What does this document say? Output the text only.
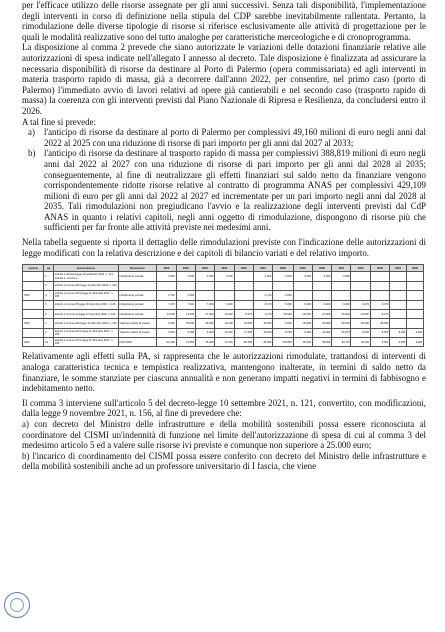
per l'efficace utilizzo delle risorse assegnate per gli anni successivi. Senza tali disponibilità, l'implementazione degli interventi in corso di definizione nella stipula del CDP sarebbe inevitabilmente rallentata. Pertanto, la rimodulazione delle diverse tipologie di risorse si riferisce esclusivamente alle attività di progettazione per le quali le modalità realizzative sono del tutto analoghe per caratteristiche merceologiche e di cronoprogramma.

La disposizione al comma 2 prevede che siano autorizzate le variazioni delle dotazioni finanziarie relative alle autorizzazioni di spesa indicate nell'allegato I annesso al decreto. Tale disposizione è finalizzata ad assicurare la necessaria disponibilità di risorse da destinare al Porto di Palermo (opera commissariata) ed agli interventi in materia trasporto rapido di massa, già a decorrere dall'anno 2022, per consentire, nel primo caso (porto di Palermo) l'immediato avvio di lavori relativi ad opere già cantierabili e nel secondo caso (trasporto rapido di massa) la coerenza con gli interventi previsti dal Piano Nazionale di Ripresa e Resilienza, da concludersi entro il 2026.

A tal fine si prevede:

a) l'anticipo di risorse da destinare al porto di Palermo per complessivi 49,160 milioni di euro negli anni dal 2022 al 2025 con una riduzione di risorse di pari importo per gli anni dal 2027 al 2033;
b) l'anticipo di risorse da destinare al trasporto rapido di massa per complessivi 388,819 milioni di euro negli anni dal 2022 al 2027 con una riduzione di risorse di pari importo per gli anni dal 2028 al 2035; conseguentemente, al fine di neutralizzare gli effetti finanziari sul saldo netto da finanziare vengono corrispondentemente ridotte risorse relative al contratto di programma ANAS per complessivi 429,109 milioni di euro per gli anni dal 2022 al 2027 ed incrementate per un pari importo negli anni dal 2028 al 2035. Tali rimodulazioni non pregiudicano l'avvio e la realizzazione degli interventi previsti dal CdP ANAS in quanto i relativi capitoli, negli anni oggetto di rimodulazione, dispongono di risorse più che sufficienti per far fronte alle attività previste nei medesimi anni.

Nella tabella seguente si riporta il dettaglio delle rimodulazioni previste con l'indicazione delle autorizzazioni di legge modificati con la relativa descrizione e dei capitoli di bilancio variati e del relativo importo.

capitolo	pg	Autorizzazione	Descrizione	2022	2023	2024	2025	2026	2027	2028	2029	2030	2031	2032	2033	2034	2035
	2	articolo 1 decreto-legge 10 settembre 2021, n. 121, articolo 1, comma 1	Infrastrutture portuali	2.000	2.000	2.000	2.000		-2.000	-2.000	-2.000	-2.000	-2.000				
	3	articolo 1 comma 140 legge 11 dicembre 2016, n. 232															
7905	4	articolo 1 comma 1072 legge 27 dicembre 2017, n. 205	Infrastrutture portuali	2.720	2.600				-1.720	-2.600							
	5	articolo 1 comma 95 legge 30 dicembre 2018, n. 145	Infrastrutture portuali	7.470	7.000	7.000	6.000		-5.470	-5.000	-5.000	-6.000	-6.000	-6.470	-6.470		
	6	articolo 1 comma 14 legge 27 dicembre 2019, n. 160	Infrastrutture portuali	14.000	13.000	27.000	16.000	8.270	0.270	-26.000	-26.000	-27.000	-16.000	-16.000	-6.270		
7400	2	articolo 1 comma 140 legge 11 dicembre 2016, n. 232	Trasporto rapido di massa	6.000	26.000	26.000	32.000	32.000	30.000	-6.000	-30.000	-30.000	-30.000	-30.000	-28.000		
	3	articolo 1 comma 1072 legge 27 dicembre 2017, n. 205	Trasporto rapido di massa	5.000	5.000	5.000	15.000	17.000	30.000	-5.000	-5.000	-11.000	-16.670	-5.000	-5.000	-5.000	-3.000
7002	10	articolo 1 comma 1072 legge 27 dicembre 2017, n. 205	CdP ANAS	-43.190	-73.650	-75.400	-70.100	-80.000	-46.000	175.000	80.000	95.000	80.170	35.000	5.000	3.000	3.000

Relativamente agli effetti sulla PA, si rappresenta che le autorizzazioni rimodulate, trattandosi di interventi di analoga caratteristica tecnica e tempistica realizzativa, mantengono inalterate, in termini di saldo netto da finanziare, le somme stanziate per ciascuna annualità e non generano impatti negativi in termini di fabbisogno e indebitamento netto.

Il comma 3 interviene sull'articolo 5 del decreto-legge 10 settembre 2021, n. 121, convertito, con modificazioni, dalla legge 9 novembre 2021, n. 156, al fine di prevedere che:

a) con decreto del Ministro delle infrastrutture e della mobilità sostenibili possa essere riconosciuta al coordinatore del CISMI un'indennità di funzione nel limite dell'autorizzazione di spesa di cui al comma 3 del medesimo articolo 5 ed a valere sulle risorse ivi previste e comunque non superiore a 25.000 euro;

b) l'incarico di coordinamento del CISMI possa essere conferito con decreto del Ministro delle infrastrutture e della mobilità sostenibili anche ad un professore universitario di I fascia, che viene
